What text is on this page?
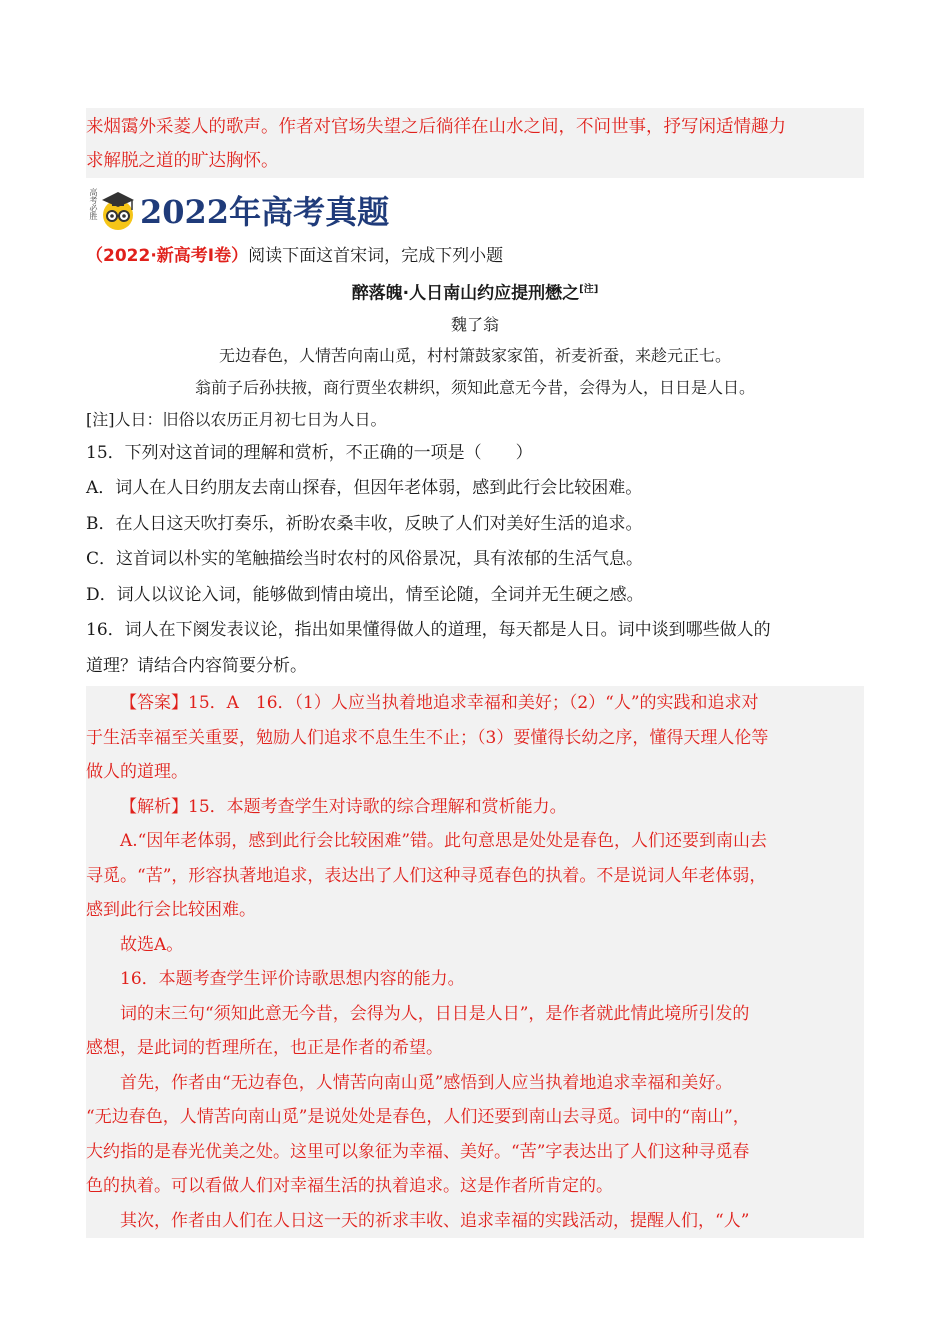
来烟霭外采菱人的歌声。作者对官场失望之后徜徉在山水之间，不问世事，抒写闲适情趣力

求解脱之道的旷达胸怀。

高考必胜 2022年高考真题
（2022·新高考Ⅰ卷）阅读下面这首宋词，完成下列小题
醉落魄·人日南山约应提刑懋之[注]
魏了翁
无边春色，人情苦向南山觅，村村箫鼓家家笛，祈麦祈蚕，来趁元正七。
翁前子后孙扶掖，商行贾坐农耕织，须知此意无今昔，会得为人，日日是人日。
[注]人日：旧俗以农历正月初七日为人日。
15．下列对这首词的理解和赏析，不正确的一项是（　　）
A．词人在人日约朋友去南山探春，但因年老体弱，感到此行会比较困难。
B．在人日这天吹打奏乐，祈盼农桑丰收，反映了人们对美好生活的追求。
C．这首词以朴实的笔触描绘当时农村的风俗景况，具有浓郁的生活气息。
D．词人以议论入词，能够做到情由境出，情至论随，全词并无生硬之感。
16．词人在下阕发表议论，指出如果懂得做人的道理，每天都是人日。词中谈到哪些做人的
道理？请结合内容简要分析。

【答案】15．A　16．（1）人应当执着地追求幸福和美好；（2）“人”的实践和追求对

于生活幸福至关重要，勉励人们追求不息生生不止；（3）要懂得长幼之序，懂得天理人伦等

做人的道理。

【解析】15．本题考查学生对诗歌的综合理解和赏析能力。

A.“因年老体弱，感到此行会比较困难”错。此句意思是处处是春色，人们还要到南山去

寻觅。“苦”，形容执著地追求，表达出了人们这种寻觅春色的执着。不是说词人年老体弱，

感到此行会比较困难。

故选A。

16．本题考查学生评价诗歌思想内容的能力。

词的末三句“须知此意无今昔，会得为人，日日是人日”，是作者就此情此境所引发的

感想，是此词的哲理所在，也正是作者的希望。

首先，作者由“无边春色，人情苦向南山觅”感悟到人应当执着地追求幸福和美好。

“无边春色，人情苦向南山觅”是说处处是春色，人们还要到南山去寻觅。词中的“南山”，

大约指的是春光优美之处。这里可以象征为幸福、美好。“苦”字表达出了人们这种寻觅春

色的执着。可以看做人们对幸福生活的执着追求。这是作者所肯定的。

其次，作者由人们在人日这一天的祈求丰收、追求幸福的实践活动，提醒人们，“人”
